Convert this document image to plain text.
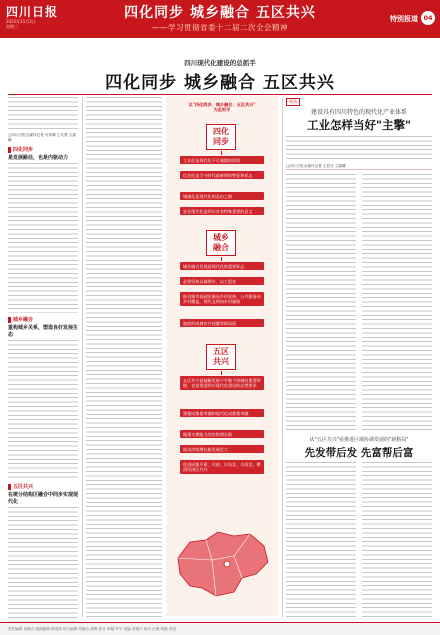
四川日报
2022年11月2日
星期三
四化同步 城乡融合 五区共兴
——学习贯彻省委十二届二次全会精神
特别报道 04
四川现代化建设的总抓手
四化同步 城乡融合 五区共兴
□四川日报全媒体记者 付真卿 王代强 文露曦
四化同步
是发展路径，也是内驱动力
城乡融合
重构城乡关系，塑造良好发展生态
五区共兴
在统分结构区融合中同步实现现代化
以"四化同步、城乡融合、五区共兴"
为总抓手
四化
同步
工业化是现代化不可逾越的阶段
信息化是当今时代最鲜明的特征和标志
城镇化是现代化的必由之路
农业现代化是四川具有特殊重要的意义
城乡
融合
城乡融合发展是现代化的重要标志
必须坚持以城带乡、以工促农
推动城市基础设施向乡村延伸，公共服务向乡村覆盖，现代文明向乡村辐射
加快形成城乡共同繁荣新局面
五区
共兴
五区共兴是破解发展不平衡不协调的重要举措，也是推进四川现代化建设的必然要求
建强成都都市圈和现代化成都都市圈
做强支撑能力的次级增长极
推动次级增长极发展壮大
促进成都平原、川南、川东北、川西北、攀西经济区共兴
视角
建设具有四川特色的现代化产业体系
工业怎样当好"主擎"
□四川日报全媒体记者 王眉灵 文露曦
从"五区共兴"看推进区域协调发展的"新格局"
先发带后发 先富帮后富
责任编辑 刘晓吉 版面编辑 彭国梁 执行编辑 刘晓吉 统筹 张芳 审稿 罗平 美编 曾德兴 校对 汪俊 排版 李进
